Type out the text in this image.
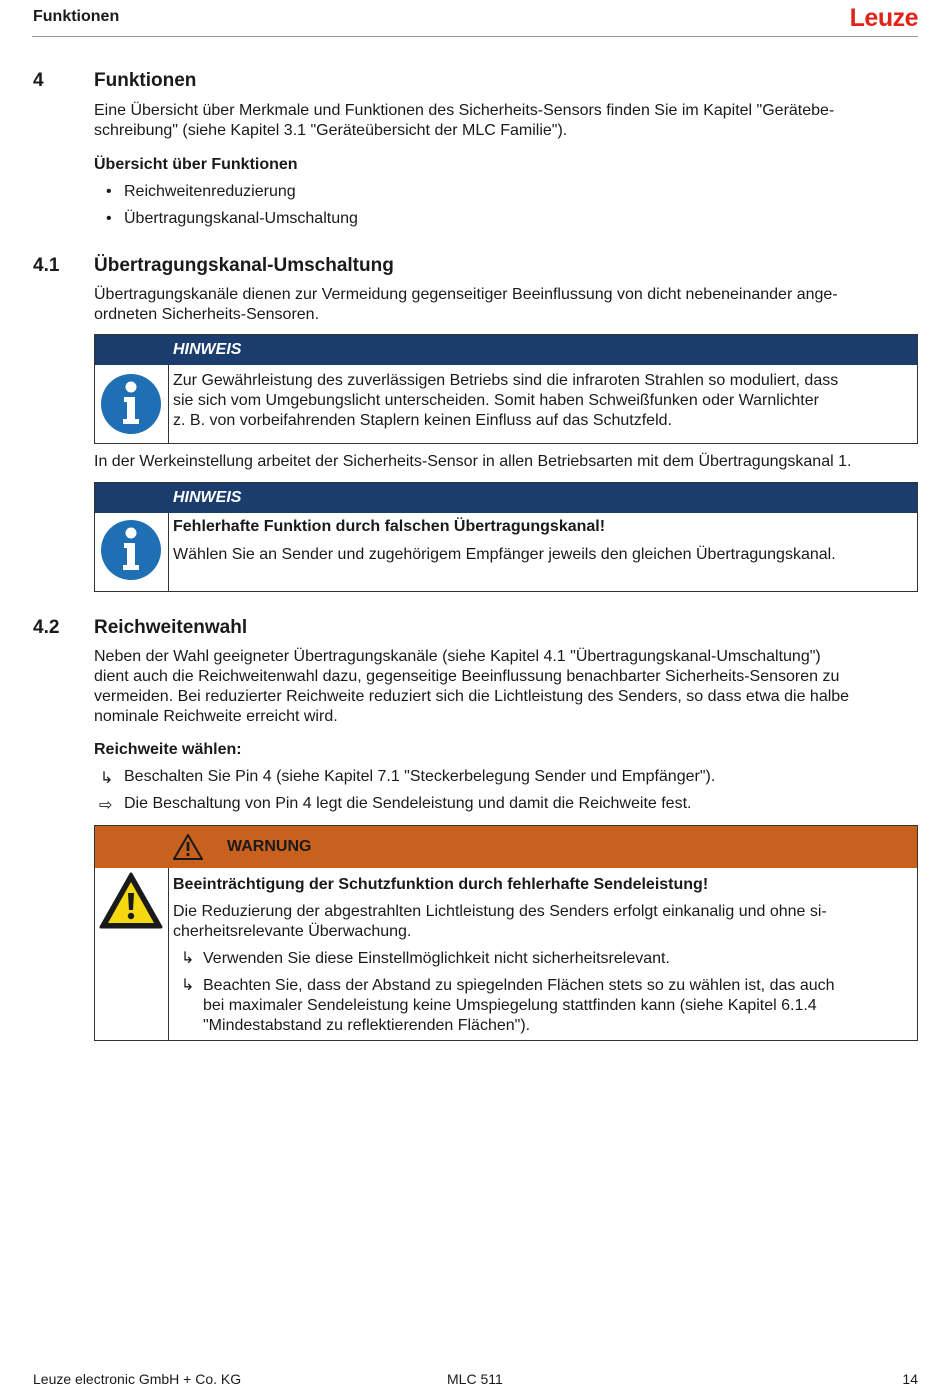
Funktionen	Leuze
4	Funktionen
Eine Übersicht über Merkmale und Funktionen des Sicherheits-Sensors finden Sie im Kapitel "Gerätebe-
schreibung" (siehe Kapitel 3.1 "Geräteübersicht der MLC Familie").
Übersicht über Funktionen
• Reichweitenreduzierung
• Übertragungskanal-Umschaltung
4.1 Übertragungskanal-Umschaltung
Übertragungskanäle dienen zur Vermeidung gegenseitiger Beeinflussung von dicht nebeneinander ange-
ordneten Sicherheits-Sensoren.
HINWEIS

Zur Gewährleistung des zuverlässigen Betriebs sind die infraroten Strahlen so moduliert, dass

sie sich vom Umgebungslicht unterscheiden. Somit haben Schweißfunken oder Warnlichter

z. B. von vorbeifahrenden Staplern keinen Einfluss auf das Schutzfeld.

In der Werkeinstellung arbeitet der Sicherheits-Sensor in allen Betriebsarten mit dem Übertragungskanal 1.
HINWEIS

Fehlerhafte Funktion durch falschen Übertragungskanal!

Wählen Sie an Sender und zugehörigem Empfänger jeweils den gleichen Übertragungskanal.

4.2 Reichweitenwahl
Neben der Wahl geeigneter Übertragungskanäle (siehe Kapitel 4.1 "Übertragungskanal-Umschaltung")
dient auch die Reichweitenwahl dazu, gegenseitige Beeinflussung benachbarter Sicherheits-Sensoren zu
vermeiden. Bei reduzierter Reichweite reduziert sich die Lichtleistung des Senders, so dass etwa die halbe
nominale Reichweite erreicht wird.
Reichweite wählen:
↳ Beschalten Sie Pin 4 (siehe Kapitel 7.1 "Steckerbelegung Sender und Empfänger").
⇨ Die Beschaltung von Pin 4 legt die Sendeleistung und damit die Reichweite fest.
WARNUNG

Beeinträchtigung der Schutzfunktion durch fehlerhafte Sendeleistung!

Die Reduzierung der abgestrahlten Lichtleistung des Senders erfolgt einkanalig und ohne si-

cherheitsrelevante Überwachung.

↳ Verwenden Sie diese Einstellmöglichkeit nicht sicherheitsrelevant.
↳ Beachten Sie, dass der Abstand zu spiegelnden Flächen stets so zu wählen ist, das auch
bei maximaler Sendeleistung keine Umspiegelung stattfinden kann (siehe Kapitel 6.1.4
"Mindestabstand zu reflektierenden Flächen").
Leuze electronic GmbH + Co. KG	MLC 511	14
